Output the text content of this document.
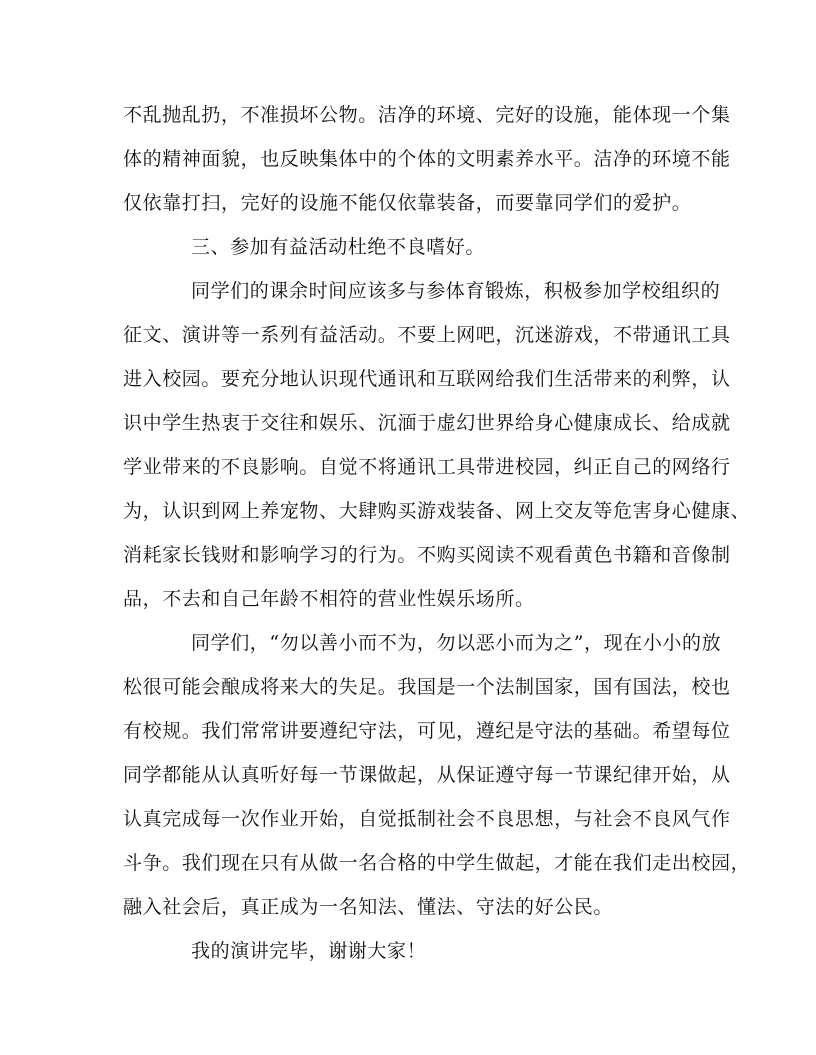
不乱抛乱扔，不准损坏公物。洁净的环境、完好的设施，能体现一个集
体的精神面貌，也反映集体中的个体的文明素养水平。洁净的环境不能
仅依靠打扫，完好的设施不能仅依靠装备，而要靠同学们的爱护。
三、参加有益活动杜绝不良嗜好。
同学们的课余时间应该多与参体育锻炼，积极参加学校组织的
征文、演讲等一系列有益活动。不要上网吧，沉迷游戏，不带通讯工具
进入校园。要充分地认识现代通讯和互联网给我们生活带来的利弊，认
识中学生热衷于交往和娱乐、沉湎于虚幻世界给身心健康成长、给成就
学业带来的不良影响。自觉不将通讯工具带进校园，纠正自己的网络行
为，认识到网上养宠物、大肆购买游戏装备、网上交友等危害身心健康、
消耗家长钱财和影响学习的行为。不购买阅读不观看黄色书籍和音像制
品，不去和自己年龄不相符的营业性娱乐场所。
同学们，“勿以善小而不为，勿以恶小而为之”，现在小小的放
松很可能会酿成将来大的失足。我国是一个法制国家，国有国法，校也
有校规。我们常常讲要遵纪守法，可见，遵纪是守法的基础。希望每位
同学都能从认真听好每一节课做起，从保证遵守每一节课纪律开始，从
认真完成每一次作业开始，自觉抵制社会不良思想，与社会不良风气作
斗争。我们现在只有从做一名合格的中学生做起，才能在我们走出校园，
融入社会后，真正成为一名知法、懂法、守法的好公民。
我的演讲完毕，谢谢大家！
